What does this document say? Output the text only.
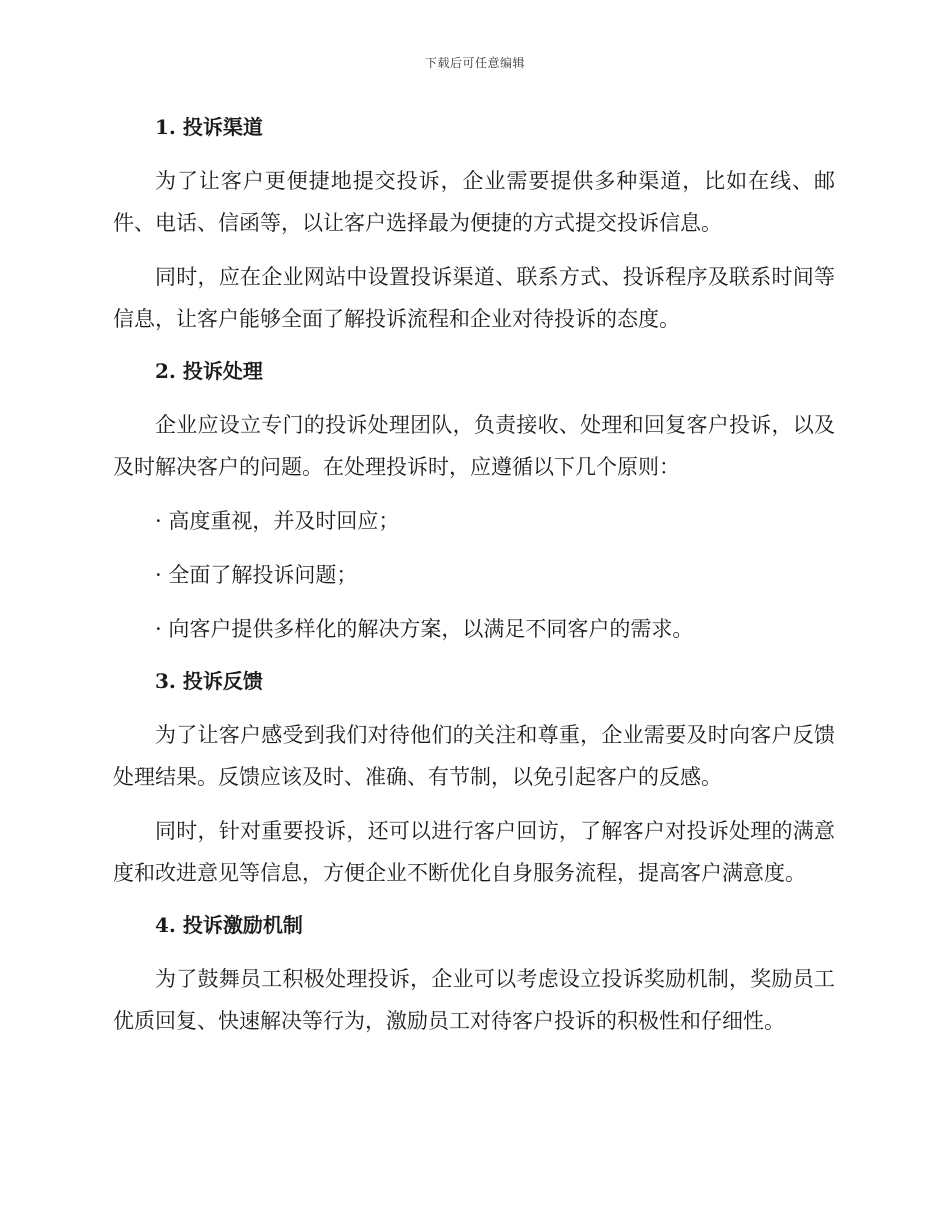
下载后可任意编辑
1. 投诉渠道

为了让客户更便捷地提交投诉，企业需要提供多种渠道，比如在线、邮件、电话、信函等，以让客户选择最为便捷的方式提交投诉信息。

同时，应在企业网站中设置投诉渠道、联系方式、投诉程序及联系时间等信息，让客户能够全面了解投诉流程和企业对待投诉的态度。

2. 投诉处理

企业应设立专门的投诉处理团队，负责接收、处理和回复客户投诉，以及及时解决客户的问题。在处理投诉时，应遵循以下几个原则：

· 高度重视，并及时回应；
· 全面了解投诉问题；
· 向客户提供多样化的解决方案，以满足不同客户的需求。
3. 投诉反馈

为了让客户感受到我们对待他们的关注和尊重，企业需要及时向客户反馈处理结果。反馈应该及时、准确、有节制，以免引起客户的反感。

同时，针对重要投诉，还可以进行客户回访，了解客户对投诉处理的满意度和改进意见等信息，方便企业不断优化自身服务流程，提高客户满意度。

4. 投诉激励机制

为了鼓舞员工积极处理投诉，企业可以考虑设立投诉奖励机制，奖励员工优质回复、快速解决等行为，激励员工对待客户投诉的积极性和仔细性。
